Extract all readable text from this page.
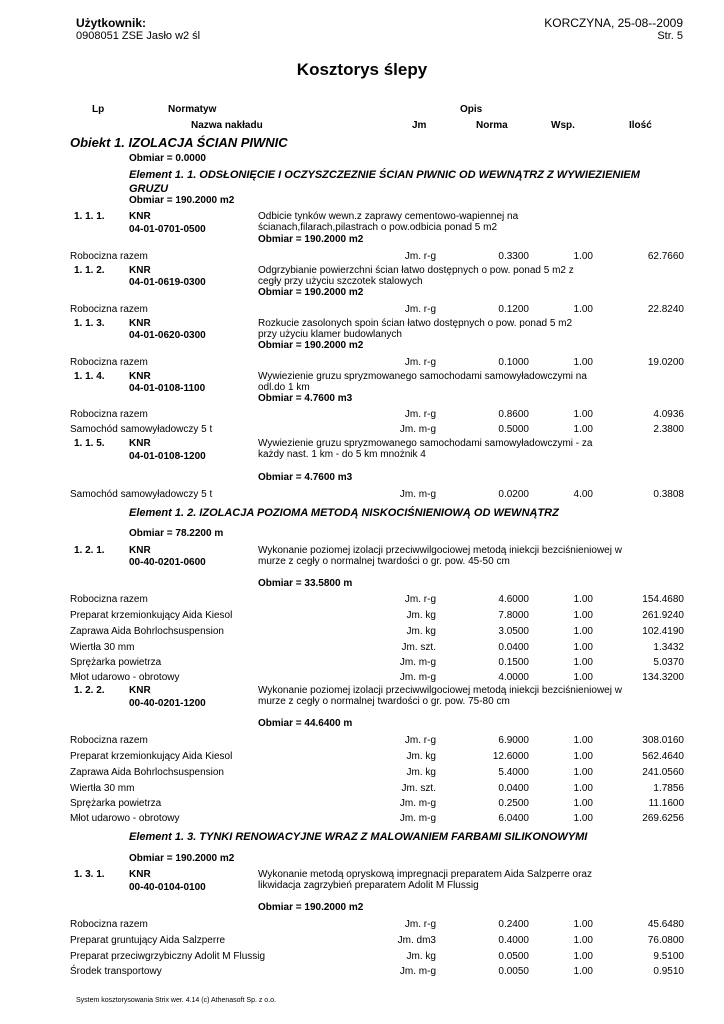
Użytkownik:
0908051 ZSE Jasło w2 śl
KORCZYNA, 25-08--2009
Str. 5
Kosztorys ślepy
Lp	Normatyw	Opis
Nazwa nakładu	Jm	Norma	Wsp.	Ilość
Obiekt 1. IZOLACJA ŚCIAN PIWNIC
Obmiar = 0.0000
Element 1. 1. ODSŁONIĘCIE I OCZYSZCZEZNIE ŚCIAN PIWNIC OD WEWNĄTRZ Z WYWIEZIENIEM
GRUZU
Obmiar = 190.2000 m2
1. 1. 1. KNR
04-01-0701-0500
Odbicie tynków wewn.z zaprawy cementowo-wapiennej na ścianach,filarach,pilastrach o pow.odbicia ponad 5 m2
Obmiar = 190.2000 m2
Robocizna razem	Jm. r-g	0.3300	1.00	62.7660
1. 1. 2. KNR
04-01-0619-0300
Odgrzybianie powierzchni ścian łatwo dostępnych o pow. ponad 5 m2 z cegły przy użyciu szczotek stalowych
Obmiar = 190.2000 m2
Robocizna razem	Jm. r-g	0.1200	1.00	22.8240
1. 1. 3. KNR
04-01-0620-0300
Rozkucie zasolonych spoin ścian łatwo dostępnych o pow. ponad 5 m2 przy użyciu klamer budowlanych
Obmiar = 190.2000 m2
Robocizna razem	Jm. r-g	0.1000	1.00	19.0200
1. 1. 4. KNR
04-01-0108-1100
Wywiezienie gruzu spryzmowanego samochodami samowyładowczymi na odl.do 1 km
Obmiar = 4.7600 m3
Robocizna razem	Jm. r-g	0.8600	1.00	4.0936
Samochód samowyładowczy 5 t	Jm. m-g	0.5000	1.00	2.3800
1. 1. 5. KNR
04-01-0108-1200
Wywiezienie gruzu spryzmowanego samochodami samowyładowczymi - za każdy nast. 1 km - do 5 km mnożnik 4
Obmiar = 4.7600 m3
Samochód samowyładowczy 5 t	Jm. m-g	0.0200	4.00	0.3808
Element 1. 2. IZOLACJA POZIOMA METODĄ NISKOCIŚNIENIOWĄ OD WEWNĄTRZ
Obmiar = 78.2200 m
1. 2. 1. KNR
00-40-0201-0600
Wykonanie poziomej izolacji przeciwwilgociowej metodą iniekcji bezciśnieniowej w murze z cegły o normalnej twardości o gr. pow. 45-50 cm
Obmiar = 33.5800 m
Robocizna razem	Jm. r-g	4.6000	1.00	154.4680
Preparat krzemionkujący Aida Kiesol	Jm. kg	7.8000	1.00	261.9240
Zaprawa Aida Bohrlochsuspension	Jm. kg	3.0500	1.00	102.4190
Wiertła 30 mm	Jm. szt.	0.0400	1.00	1.3432
Sprężarka powietrza	Jm. m-g	0.1500	1.00	5.0370
Młot udarowo - obrotowy	Jm. m-g	4.0000	1.00	134.3200
1. 2. 2. KNR
00-40-0201-1200
Wykonanie poziomej izolacji przeciwwilgociowej metodą iniekcji bezciśnieniowej w murze z cegły o normalnej twardości o gr. pow. 75-80 cm
Obmiar = 44.6400 m
Robocizna razem	Jm. r-g	6.9000	1.00	308.0160
Preparat krzemionkujący Aida Kiesol	Jm. kg	12.6000	1.00	562.4640
Zaprawa Aida Bohrlochsuspension	Jm. kg	5.4000	1.00	241.0560
Wiertła 30 mm	Jm. szt.	0.0400	1.00	1.7856
Sprężarka powietrza	Jm. m-g	0.2500	1.00	11.1600
Młot udarowo - obrotowy	Jm. m-g	6.0400	1.00	269.6256
Element 1. 3. TYNKI RENOWACYJNE WRAZ Z MALOWANIEM FARBAMI SILIKONOWYMI
Obmiar = 190.2000 m2
1. 3. 1. KNR
00-40-0104-0100
Wykonanie metodą opryskową impregnacji preparatem Aida Salzperre oraz likwidacja zagrzybień preparatem Adolit M Flussig
Obmiar = 190.2000 m2
Robocizna razem	Jm. r-g	0.2400	1.00	45.6480
Preparat gruntujący Aida Salzperre	Jm. dm3	0.4000	1.00	76.0800
Preparat przeciwgrzybiczny Adolit M Flussig	Jm. kg	0.0500	1.00	9.5100
Środek transportowy	Jm. m-g	0.0050	1.00	0.9510
System kosztorysowania Strix wer. 4.14 (c) Athenasoft Sp. z o.o.
